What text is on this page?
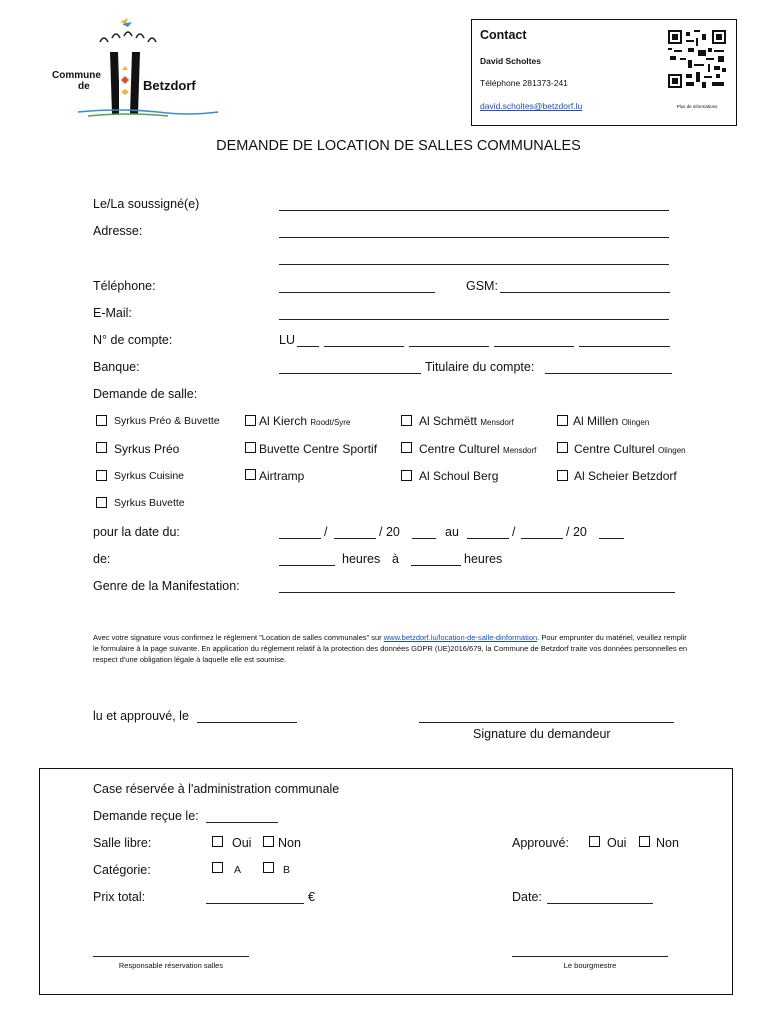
Commune
de	Betzdorf
Contact
David Scholtes
Téléphone 281373-241
david.scholtes@betzdorf.lu	Plus de informations
DEMANDE DE LOCATION DE SALLES COMMUNALES
Le/La soussigné(e)
Adresse:
Téléphone:	GSM:
E-Mail:
N° de compte:	LU
Banque:	Titulaire du compte:
Demande de salle:
Syrkus Préo & Buvette	Al Kierch Roodt/Syre	Al Schmëtt Mensdorf	Al Millen Olingen
Syrkus Préo	Buvette Centre Sportif	Centre Culturel Mensdorf	Centre Culturel Olingen
Syrkus Cuisine	Airtramp	Al Schoul Berg	Al Scheier Betzdorf
Syrkus Buvette
pour la date du:	/	/ 20	au	/	/ 20
de:	heures à	heures
Genre de la Manifestation:
Avec votre signature vous confirmez le règlement "Location de salles communales" sur www.betzdorf.lu/location-de-salle-dinformation. Pour emprunter du matériel, veuillez remplir le formulaire à la page suivante. En application du règlement relatif à la protection des données GDPR (UE)2016/679, la Commune de Betzdorf traite vos données personnelles en respect d'une obligation légale à laquelle elle est soumise.
lu et approuvé, le
Signature du demandeur
Case réservée à l'administration communale
Demande reçue le:
Salle libre:	Oui Non	Approuvé:	Oui Non
Catégorie:	A	B
Prix total:	€	Date:
Responsable réservation salles	Le bourgmestre
